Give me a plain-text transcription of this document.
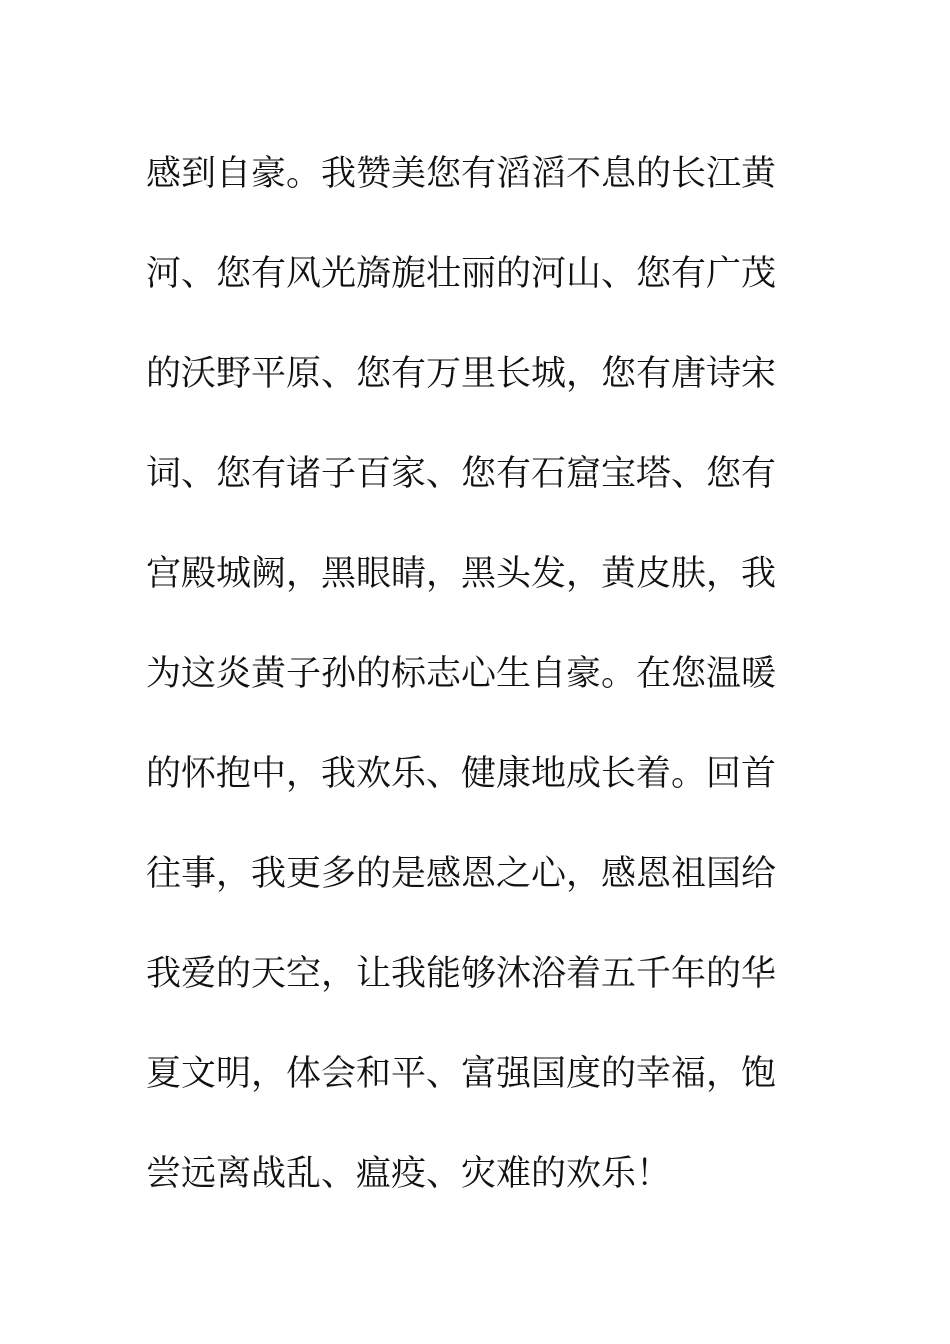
感到自豪。我赞美您有滔滔不息的长江黄

河、您有风光旖旎壮丽的河山、您有广茂

的沃野平原、您有万里长城，您有唐诗宋

词、您有诸子百家、您有石窟宝塔、您有

宫殿城阙，黑眼睛，黑头发，黄皮肤，我

为这炎黄子孙的标志心生自豪。在您温暖

的怀抱中，我欢乐、健康地成长着。回首

往事，我更多的是感恩之心，感恩祖国给

我爱的天空，让我能够沐浴着五千年的华

夏文明，体会和平、富强国度的幸福，饱

尝远离战乱、瘟疫、灾难的欢乐！
